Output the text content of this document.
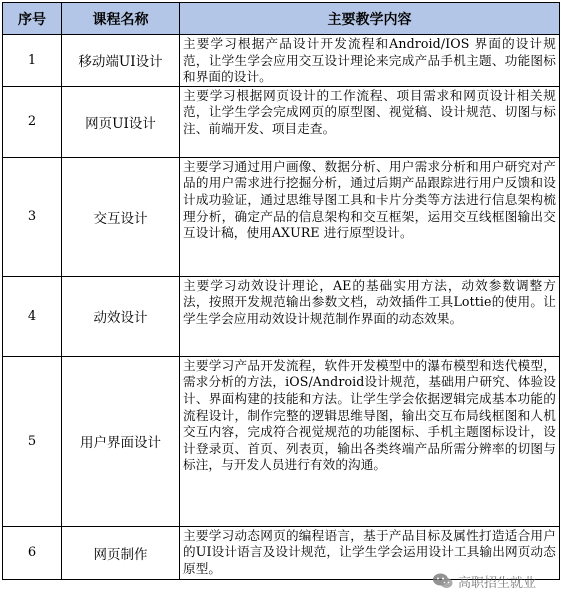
序号	课程名称	主要教学内容
1	移动端UI设计	主要学习根据产品设计开发流程和Android/IOS 界面的设计规范，让学生学会应用交互设计理论来完成产品手机主题、功能图标和界面的设计。
2	网页UI设计	主要学习根据网页设计的工作流程、项目需求和网页设计相关规范，让学生学会完成网页的原型图、视觉稿、设计规范、切图与标注、前端开发、项目走查。
3	交互设计	主要学习通过用户画像、数据分析、用户需求分析和用户研究对产品的用户需求进行挖掘分析，通过后期产品跟踪进行用户反馈和设计成功验证，通过思维导图工具和卡片分类等方法进行信息架构梳理分析，确定产品的信息架构和交互框架，运用交互线框图输出交互设计稿，使用AXURE 进行原型设计。
4	动效设计	主要学习动效设计理论，AE的基础实用方法，动效参数调整方法，按照开发规范输出参数文档，动效插件工具Lottie的使用。让学生学会应用动效设计规范制作界面的动态效果。
5	用户界面设计	主要学习产品开发流程，软件开发模型中的瀑布模型和迭代模型，需求分析的方法，iOS/Android设计规范，基础用户研究、体验设计、界面构建的技能和方法。让学生学会依据逻辑完成基本功能的流程设计，制作完整的逻辑思维导图，输出交互布局线框图和人机交互内容，完成符合视觉规范的功能图标、手机主题图标设计，设计登录页、首页、列表页，输出各类终端产品所需分辨率的切图与标注，与开发人员进行有效的沟通。
6	网页制作	主要学习动态网页的编程语言，基于产品目标及属性打造适合用户的UI设计语言及设计规范，让学生学会运用设计工具输出网页动态原型。
高职招生就业
